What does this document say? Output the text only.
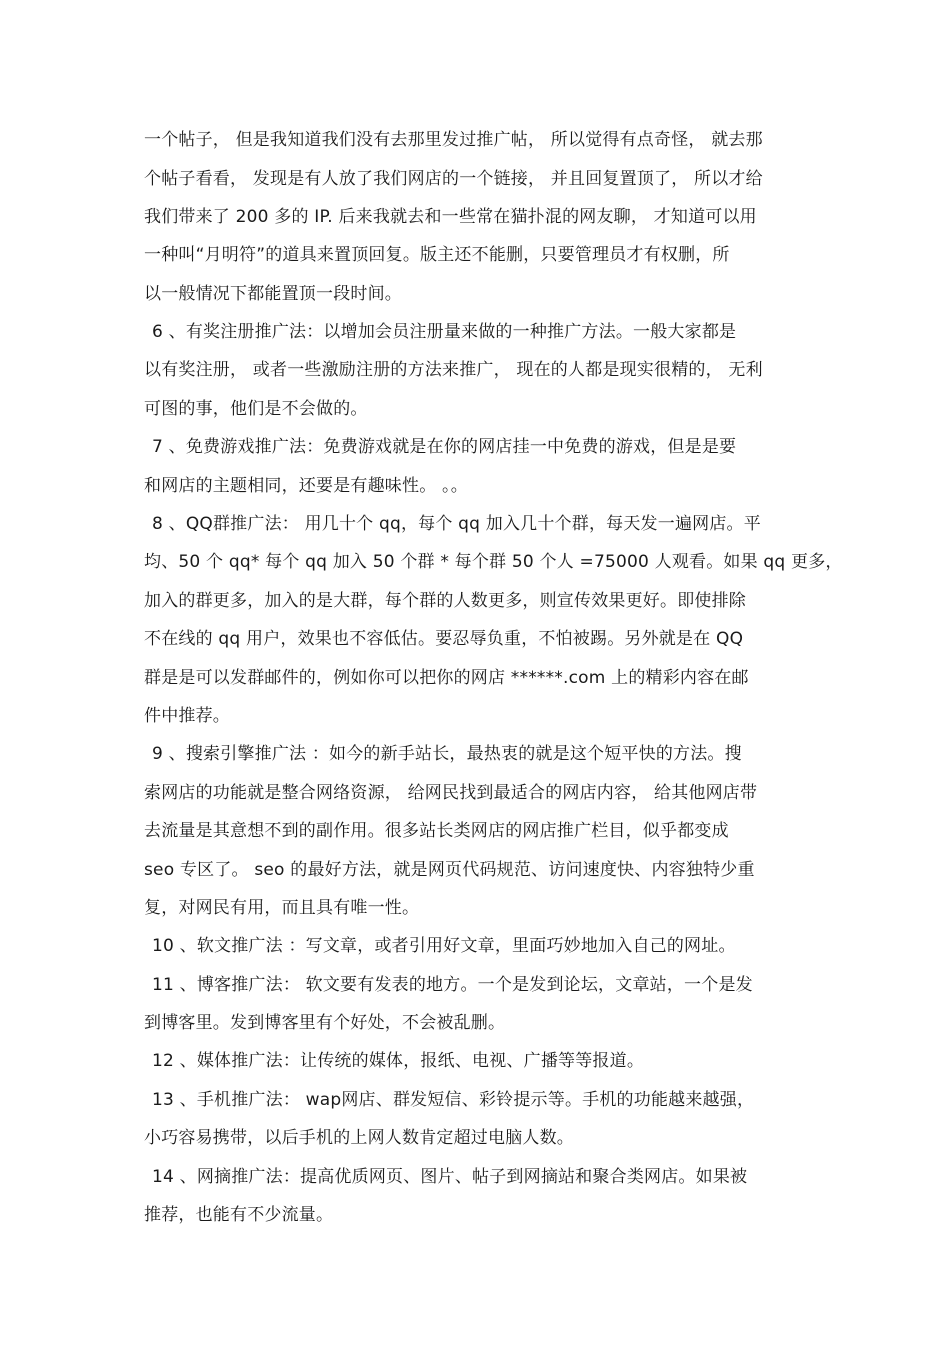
一个帖子， 但是我知道我们没有去那里发过推广帖， 所以觉得有点奇怪， 就去那
个帖子看看， 发现是有人放了我们网店的一个链接， 并且回复置顶了， 所以才给
我们带来了 200 多的 IP. 后来我就去和一些常在猫扑混的网友聊， 才知道可以用
一种叫“月明符”的道具来置顶回复。版主还不能删，只要管理员才有权删，所
以一般情况下都能置顶一段时间。
6 、有奖注册推广法：以增加会员注册量来做的一种推广方法。一般大家都是
以有奖注册， 或者一些激励注册的方法来推广， 现在的人都是现实很精的， 无利
可图的事，他们是不会做的。
7 、免费游戏推广法：免费游戏就是在你的网店挂一中免费的游戏，但是是要
和网店的主题相同，还要是有趣味性。 。。
8 、QQ群推广法： 用几十个 qq，每个 qq 加入几十个群，每天发一遍网店。平
均、50 个 qq* 每个 qq 加入 50 个群 * 每个群 50 个人 =75000 人观看。如果 qq 更多，
加入的群更多，加入的是大群，每个群的人数更多，则宣传效果更好。即使排除
不在线的 qq 用户，效果也不容低估。要忍辱负重，不怕被踢。另外就是在 QQ
群是是可以发群邮件的，例如你可以把你的网店 ******.com 上的精彩内容在邮
件中推荐。
9 、搜索引擎推广法 ：如今的新手站长，最热衷的就是这个短平快的方法。搜
索网店的功能就是整合网络资源， 给网民找到最适合的网店内容， 给其他网店带
去流量是其意想不到的副作用。很多站长类网店的网店推广栏目，似乎都变成
seo 专区了。 seo 的最好方法，就是网页代码规范、访问速度快、内容独特少重
复，对网民有用，而且具有唯一性。
10 、软文推广法 ：写文章，或者引用好文章，里面巧妙地加入自己的网址。
11 、博客推广法： 软文要有发表的地方。一个是发到论坛，文章站，一个是发
到博客里。发到博客里有个好处，不会被乱删。
12 、媒体推广法：让传统的媒体，报纸、电视、广播等等报道。
13 、手机推广法： wap网店、群发短信、彩铃提示等。手机的功能越来越强，
小巧容易携带，以后手机的上网人数肯定超过电脑人数。
14 、网摘推广法：提高优质网页、图片、帖子到网摘站和聚合类网店。如果被
推荐，也能有不少流量。
